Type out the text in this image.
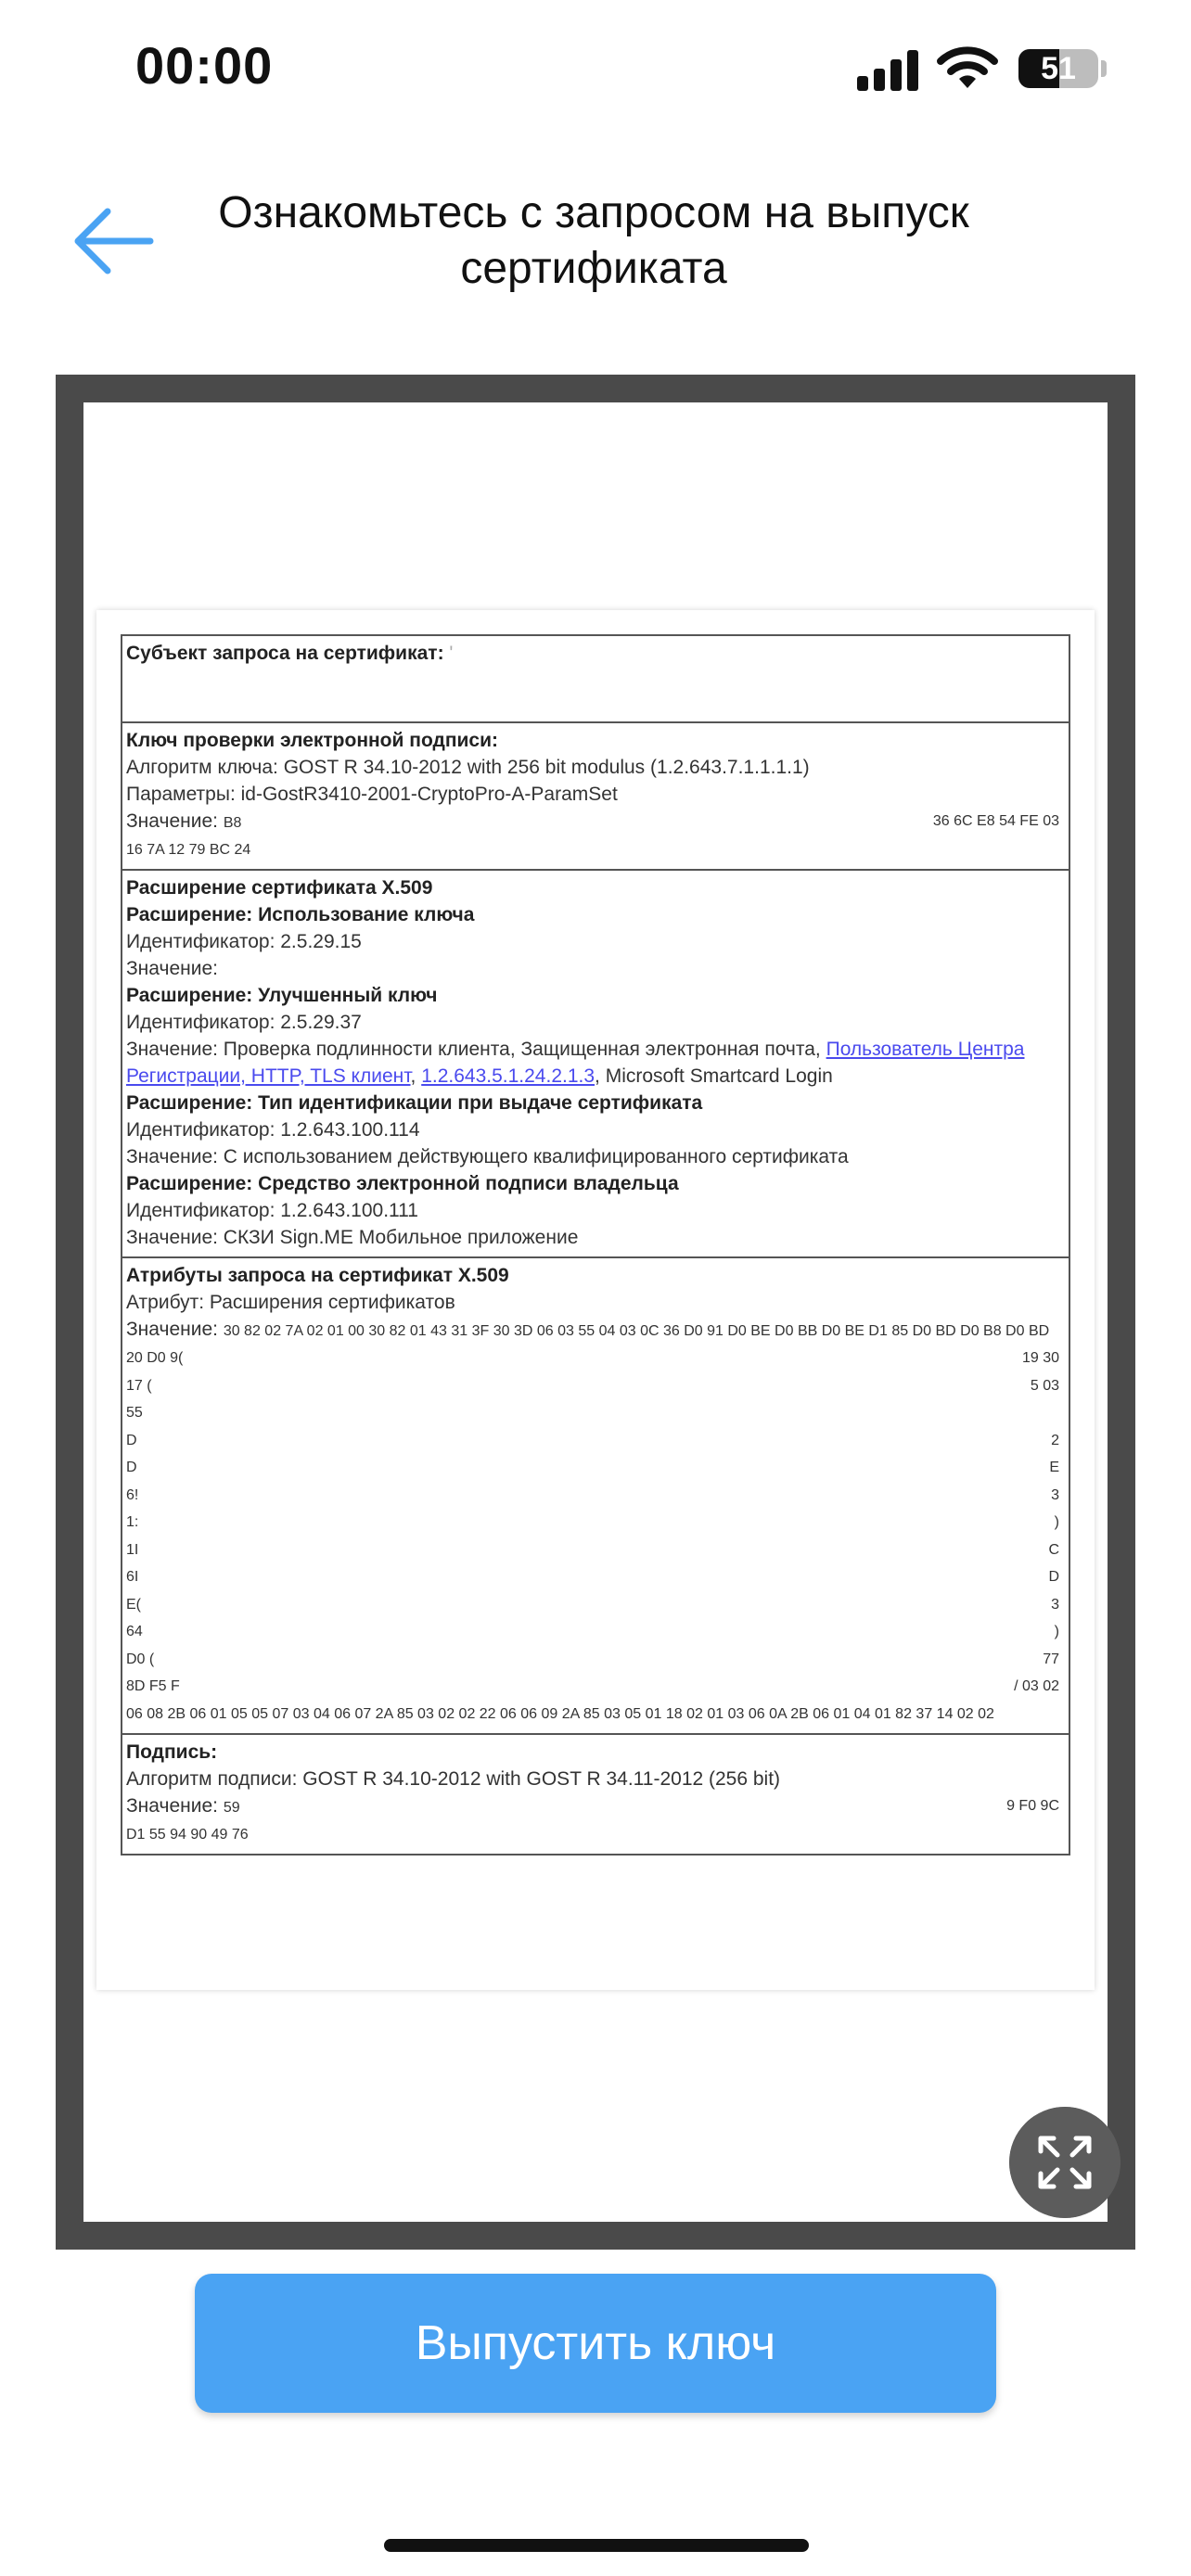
00:00	51
Ознакомьтесь с запросом на выпуск
сертификата
Субъект запроса на сертификат: '
Ключ проверки электронной подписи:
Алгоритм ключа: GOST R 34.10-2012 with 256 bit modulus (1.2.643.7.1.1.1.1)
Параметры: id-GostR3410-2001-CryptoPro-A-ParamSet
Значение: B8	36 6C E8 54 FE 03
16 7A 12 79 BC 24
Расширение сертификата X.509
Расширение: Использование ключа
Идентификатор: 2.5.29.15
Значение:
Расширение: Улучшенный ключ
Идентификатор: 2.5.29.37
Значение: Проверка подлинности клиента, Защищенная электронная почта, Пользователь Центра Регистрации, HTTP, TLS клиент, 1.2.643.5.1.24.2.1.3, Microsoft Smartcard Login
Расширение: Тип идентификации при выдаче сертификата
Идентификатор: 1.2.643.100.114
Значение: С использованием действующего квалифицированного сертификата
Расширение: Средство электронной подписи владельца
Идентификатор: 1.2.643.100.111
Значение: СКЗИ Sign.ME Мобильное приложение
Атрибуты запроса на сертификат X.509
Атрибут: Расширения сертификатов
Значение: 30 82 02 7A 02 01 00 30 82 01 43 31 3F 30 3D 06 03 55 04 03 0C 36 D0 91 D0 BE D0 BB D0 BE D1 85 D0 BD D0 B8 D0 BD
20 D0 9(	19 30
17 (	5 03
55
D	2
D	E
6!	3
1:	)
1I	C
6I	D
E(	3
64	)
D0 (	77
8D F5 F	/ 03 02
06 08 2B 06 01 05 05 07 03 04 06 07 2A 85 03 02 02 22 06 06 09 2A 85 03 05 01 18 02 01 03 06 0A 2B 06 01 04 01 82 37 14 02 02
Подпись:
Алгоритм подписи: GOST R 34.10-2012 with GOST R 34.11-2012 (256 bit)
Значение: 59	9 F0 9C
D1 55 94 90 49 76
Выпустить ключ
